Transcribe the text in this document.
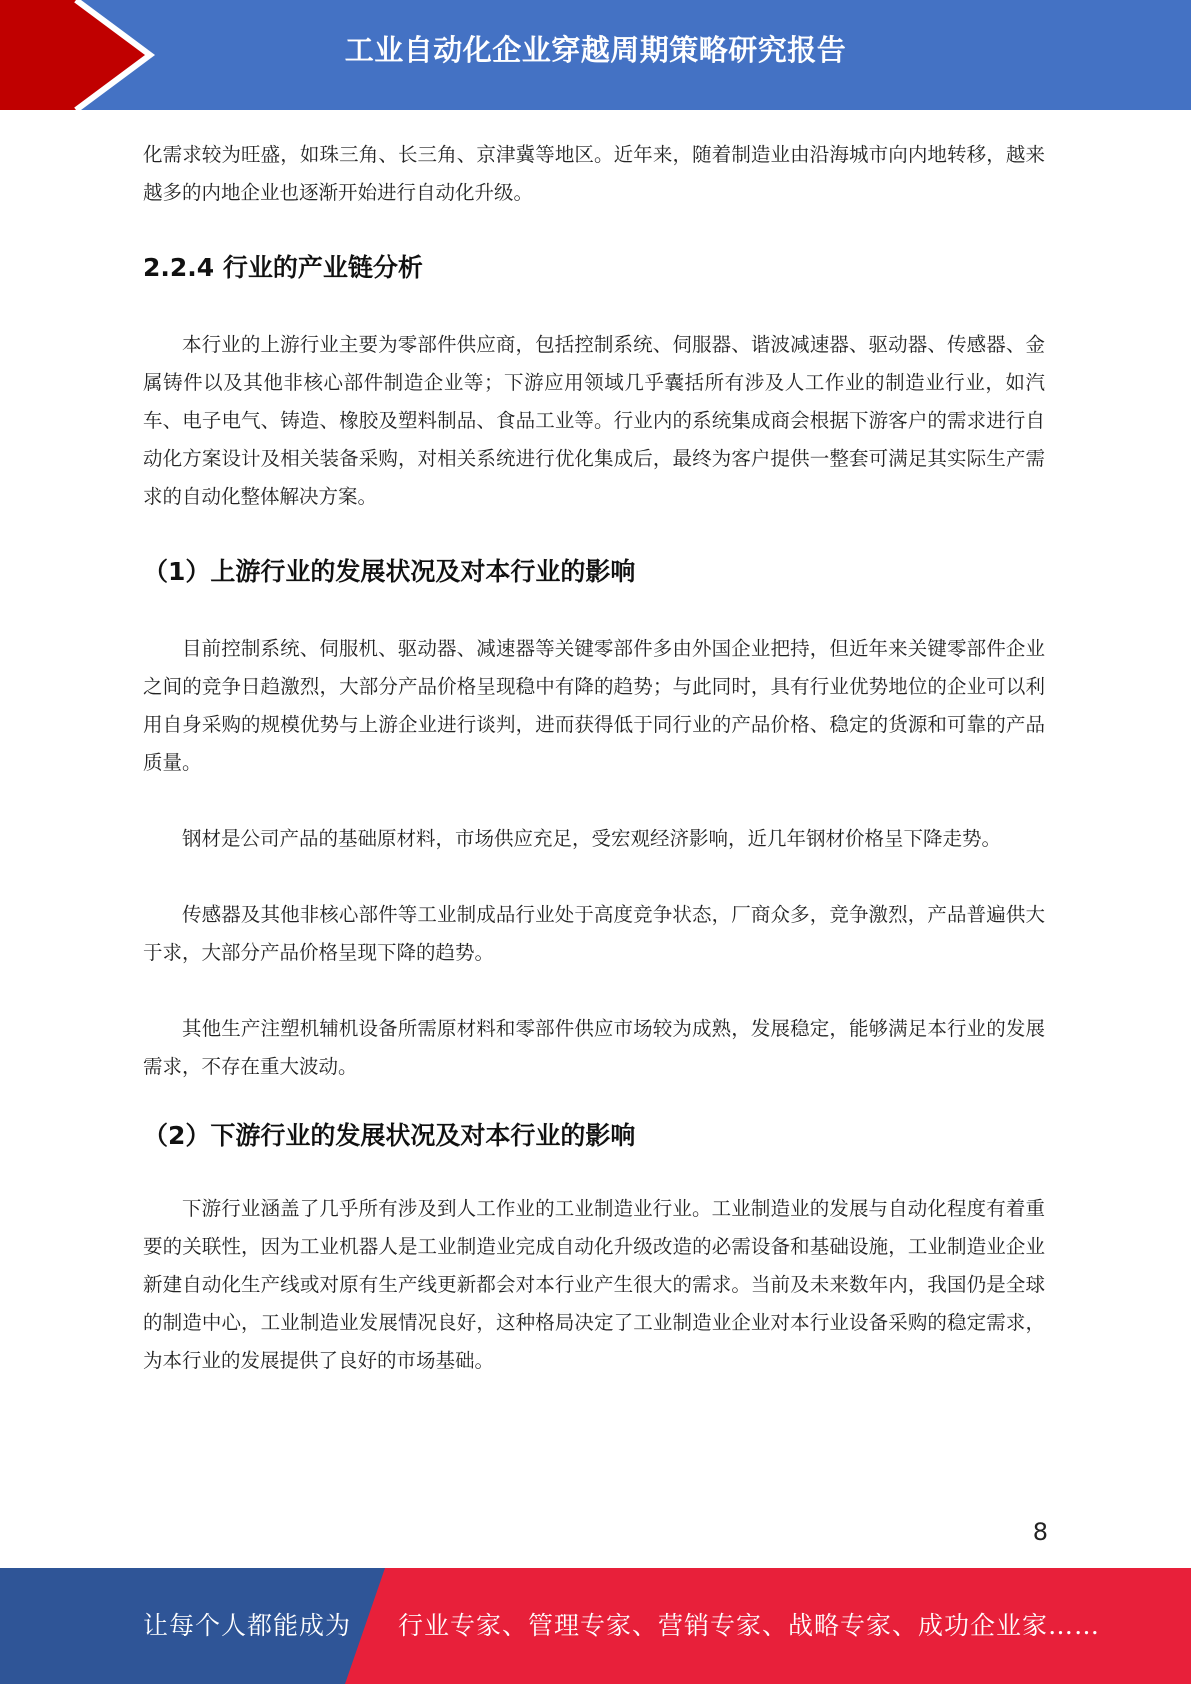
工业自动化企业穿越周期策略研究报告

化需求较为旺盛，如珠三角、长三角、京津冀等地区。近年来，随着制造业由沿海城市向内地转移，越来越多的内地企业也逐渐开始进行自动化升级。

2.2.4 行业的产业链分析

本行业的上游行业主要为零部件供应商，包括控制系统、伺服器、谐波减速器、驱动器、传感器、金属铸件以及其他非核心部件制造企业等；下游应用领域几乎囊括所有涉及人工作业的制造业行业，如汽车、电子电气、铸造、橡胶及塑料制品、食品工业等。行业内的系统集成商会根据下游客户的需求进行自动化方案设计及相关装备采购，对相关系统进行优化集成后，最终为客户提供一整套可满足其实际生产需求的自动化整体解决方案。

（1）上游行业的发展状况及对本行业的影响

目前控制系统、伺服机、驱动器、减速器等关键零部件多由外国企业把持，但近年来关键零部件企业之间的竞争日趋激烈，大部分产品价格呈现稳中有降的趋势；与此同时，具有行业优势地位的企业可以利用自身采购的规模优势与上游企业进行谈判，进而获得低于同行业的产品价格、稳定的货源和可靠的产品质量。

钢材是公司产品的基础原材料，市场供应充足，受宏观经济影响，近几年钢材价格呈下降走势。

传感器及其他非核心部件等工业制成品行业处于高度竞争状态，厂商众多，竞争激烈，产品普遍供大于求，大部分产品价格呈现下降的趋势。

其他生产注塑机辅机设备所需原材料和零部件供应市场较为成熟，发展稳定，能够满足本行业的发展需求，不存在重大波动。

（2）下游行业的发展状况及对本行业的影响

下游行业涵盖了几乎所有涉及到人工作业的工业制造业行业。工业制造业的发展与自动化程度有着重要的关联性，因为工业机器人是工业制造业完成自动化升级改造的必需设备和基础设施，工业制造业企业新建自动化生产线或对原有生产线更新都会对本行业产生很大的需求。当前及未来数年内，我国仍是全球的制造中心，工业制造业发展情况良好，这种格局决定了工业制造业企业对本行业设备采购的稳定需求，为本行业的发展提供了良好的市场基础。

8
让每个人都能成为 行业专家、管理专家、营销专家、战略专家、成功企业家……
